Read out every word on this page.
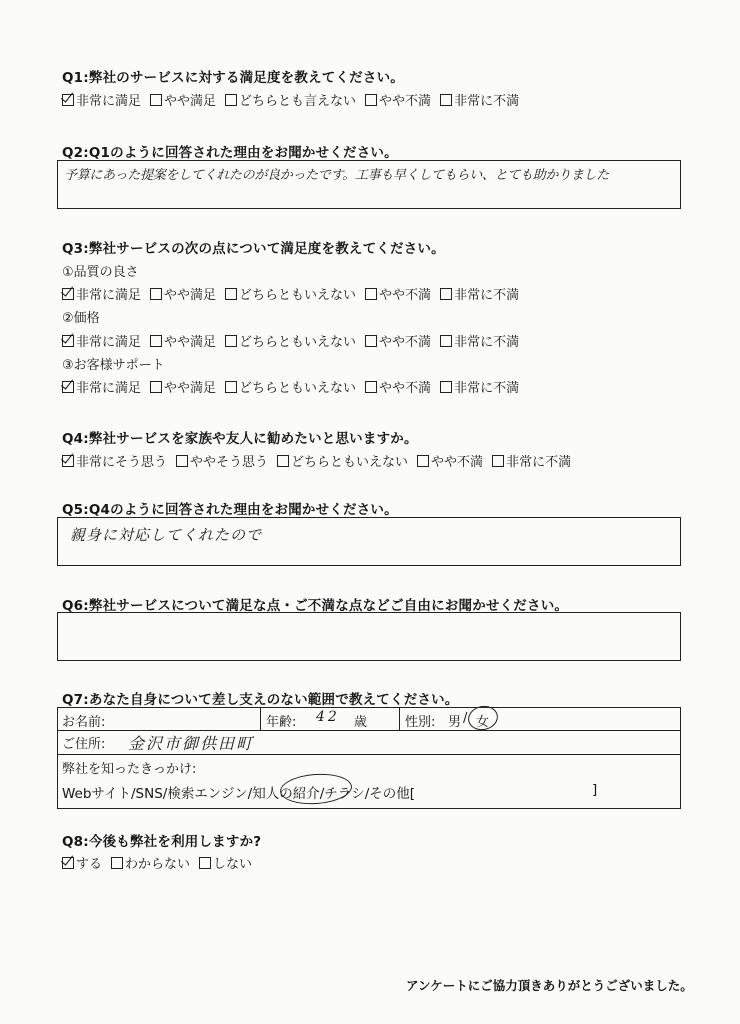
Q1:弊社のサービスに対する満足度を教えてください。
非常に満足 やや満足 どちらとも言えない やや不満 非常に不満
Q2:Q1のように回答された理由をお聞かせください。
予算にあった提案をしてくれたのが良かったです。工事も早くしてもらい、とても助かりました
Q3:弊社サービスの次の点について満足度を教えてください。
①品質の良さ
非常に満足 やや満足 どちらともいえない やや不満 非常に不満
②価格
非常に満足 やや満足 どちらともいえない やや不満 非常に不満
③お客様サポート
非常に満足 やや満足 どちらともいえない やや不満 非常に不満
Q4:弊社サービスを家族や友人に勧めたいと思いますか。
非常にそう思う ややそう思う どちらともいえない やや不満 非常に不満
Q5:Q4のように回答された理由をお聞かせください。
親身に対応してくれたので
Q6:弊社サービスについて満足な点・ご不満な点などご自由にお聞かせください。
Q7:あなた自身について差し支えのない範囲で教えてください。
お名前:	年齢: 42 歳	性別: 男 / 女
ご住所: 金沢市御供田町
弊社を知ったきっかけ:
Webサイト/SNS/検索エンジン/知人の紹介/チラシ/その他[	]
Q8:今後も弊社を利用しますか?
する わからない しない
アンケートにご協力頂きありがとうございました。
